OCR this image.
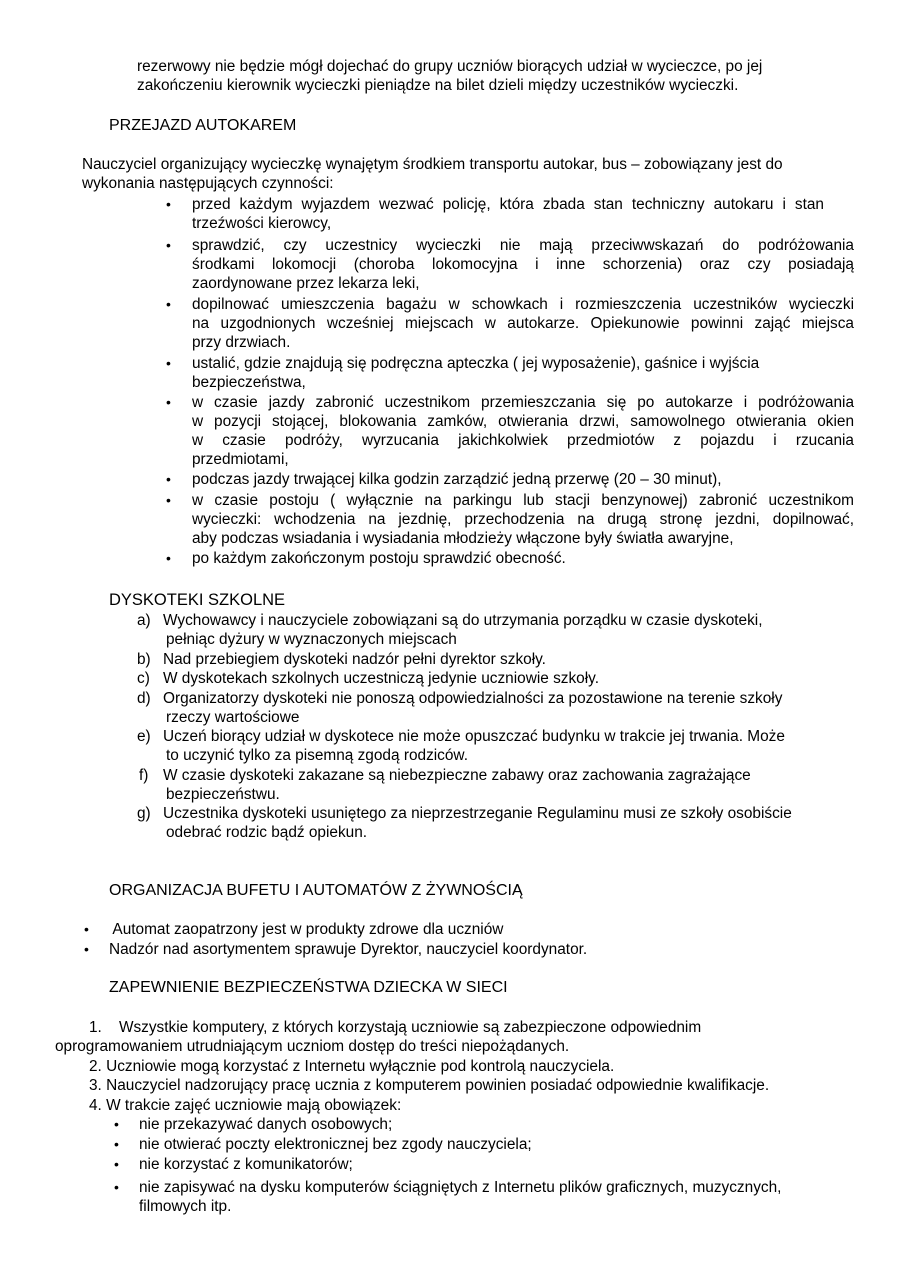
rezerwowy nie będzie mógł dojechać do grupy uczniów biorących udział w wycieczce, po jej
zakończeniu kierownik wycieczki pieniądze na bilet dzieli między uczestników wycieczki.
PRZEJAZD AUTOKAREM
Nauczyciel organizujący wycieczkę wynajętym środkiem transportu autokar, bus – zobowiązany jest do
wykonania następujących czynności:
• przed każdym wyjazdem wezwać policję, która zbada stan techniczny autokaru i stan
trzeźwości kierowcy,
• sprawdzić, czy uczestnicy wycieczki nie mają przeciwwskazań do podróżowania
środkami lokomocji (choroba lokomocyjna i inne schorzenia) oraz czy posiadają
zaordynowane przez lekarza leki,
• dopilnować umieszczenia bagażu w schowkach i rozmieszczenia uczestników wycieczki
na uzgodnionych wcześniej miejscach w autokarze. Opiekunowie powinni zająć miejsca
przy drzwiach.
• ustalić, gdzie znajdują się podręczna apteczka ( jej wyposażenie), gaśnice i wyjścia
bezpieczeństwa,
• w czasie jazdy zabronić uczestnikom przemieszczania się po autokarze i podróżowania
w pozycji stojącej, blokowania zamków, otwierania drzwi, samowolnego otwierania okien
w czasie podróży, wyrzucania jakichkolwiek przedmiotów z pojazdu i rzucania
przedmiotami,
• podczas jazdy trwającej kilka godzin zarządzić jedną przerwę (20 – 30 minut),
• w czasie postoju ( wyłącznie na parkingu lub stacji benzynowej) zabronić uczestnikom
wycieczki: wchodzenia na jezdnię, przechodzenia na drugą stronę jezdni, dopilnować,
aby podczas wsiadania i wysiadania młodzieży włączone były światła awaryjne,
• po każdym zakończonym postoju sprawdzić obecność.
DYSKOTEKI SZKOLNE
a) Wychowawcy i nauczyciele zobowiązani są do utrzymania porządku w czasie dyskoteki,
pełniąc dyżury w wyznaczonych miejscach
b) Nad przebiegiem dyskoteki nadzór pełni dyrektor szkoły.
c) W dyskotekach szkolnych uczestniczą jedynie uczniowie szkoły.
d) Organizatorzy dyskoteki nie ponoszą odpowiedzialności za pozostawione na terenie szkoły
rzeczy wartościowe
e) Uczeń biorący udział w dyskotece nie może opuszczać budynku w trakcie jej trwania. Może
to uczynić tylko za pisemną zgodą rodziców.
f) W czasie dyskoteki zakazane są niebezpieczne zabawy oraz zachowania zagrażające
bezpieczeństwu.
g) Uczestnika dyskoteki usuniętego za nieprzestrzeganie Regulaminu musi ze szkoły osobiście
odebrać rodzic bądź opiekun.
ORGANIZACJA BUFETU I AUTOMATÓW Z ŻYWNOŚCIĄ
• Automat zaopatrzony jest w produkty zdrowe dla uczniów
• Nadzór nad asortymentem sprawuje Dyrektor, nauczyciel koordynator.
ZAPEWNIENIE BEZPIECZEŃSTWA DZIECKA W SIECI
1.    Wszystkie komputery, z których korzystają uczniowie są zabezpieczone odpowiednim
oprogramowaniem utrudniającym uczniom dostęp do treści niepożądanych.
2. Uczniowie mogą korzystać z Internetu wyłącznie pod kontrolą nauczyciela.
3. Nauczyciel nadzorujący pracę ucznia z komputerem powinien posiadać odpowiednie kwalifikacje.
4. W trakcie zajęć uczniowie mają obowiązek:
• nie przekazywać danych osobowych;
• nie otwierać poczty elektronicznej bez zgody nauczyciela;
• nie korzystać z komunikatorów;
• nie zapisywać na dysku komputerów ściągniętych z Internetu plików graficznych, muzycznych,
filmowych itp.
